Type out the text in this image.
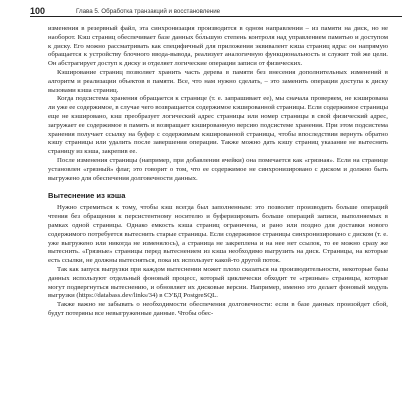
100	Глава 5. Обработка транзакций и восстановление

изменения в резервный файл, эта синхронизация производится в одном направлении – из памяти на диск, но не наоборот. Кэш страниц обеспечивает базе данных бо́льшую степень контроля над управлением памятью и доступом к диску. Его можно рассматривать как специфичный для приложения эквивалент кэша страниц ядра: он напрямую обращается к устройству блочного ввода-вывода, реализует аналогичную функциональность и служит той же цели. Он абстрагирует доступ к диску и отделяет логические операции записи от физических.

Кэширование страниц позволяет хранить часть дерева в памяти без внесения дополнительных изменений в алгоритм и реализации объектов в памяти. Все, что нам нужно сделать, – это заменить операции доступа к диску вызовами кэша страниц.

Когда подсистема хранения обращается к странице (т. е. запрашивает ее), мы сначала проверяем, не кэширована ли уже ее содержимое, в случае чего возвращается содержимое кэшированной страницы. Если содержимое страницы еще не кэшировано, кэш преобразует логический адрес страницы или номер страницы в свой физический адрес, загружает ее содержимое в память и возвращает кэшированную версию подсистеме хранения. При этом подсистема хранения получает ссылку на буфер с содержимым кэшированной страницы, чтобы впоследствии вернуть обратно кэшу страницы или удалить после завершения операции. Также можно дать кэшу страниц указание не вытеснять страницу из кэша, закрепив ее.

После изменения страницы (например, при добавлении ячейки) она помечается как «грязная». Если на странице установлен «грязный» флаг, это говорит о том, что ее содержимое не синхронизировано с диском и должно быть выгружено для обеспечения долговечности данных.

Вытеснение из кэша

Нужно стремиться к тому, чтобы кэш всегда был заполненным: это позволит производить больше операций чтения без обращения к персистентному носителю и буферизировать больше операций записи, выполняемых в рамках одной страницы. Однако емкость кэша страниц ограничена, и рано или поздно для доставки нового содержимого потребуется вытеснить старые страницы. Если содержимое страницы синхронизировано с диском (т. е. уже выгружено или никогда не изменялось), а страница не закреплена и на нее нет ссылок, то ее можно сразу же вытеснить. «Грязные» страницы перед вытеснением из кэша необходимо выгрузить на диск. Страницы, на которые есть ссылки, не должны вытесняться, пока их использует какой-то другой поток.

Так как запуск выгрузки при каждом вытеснении может плохо сказаться на производительности, некоторые базы данных используют отдельный фоновый процесс, который циклически обходит те «грязные» страницы, которые могут подвергнуться вытеснению, и обновляет их дисковые версии. Например, именно это делает фоновый модуль выгрузки (https://databass.dev/links/34) в СУБД PostgreSQL.

Также важно не забывать о необходимости обеспечения долговечности: если в базе данных произойдет сбой, будут потеряны все невыгруженные данные. Чтобы обес-
